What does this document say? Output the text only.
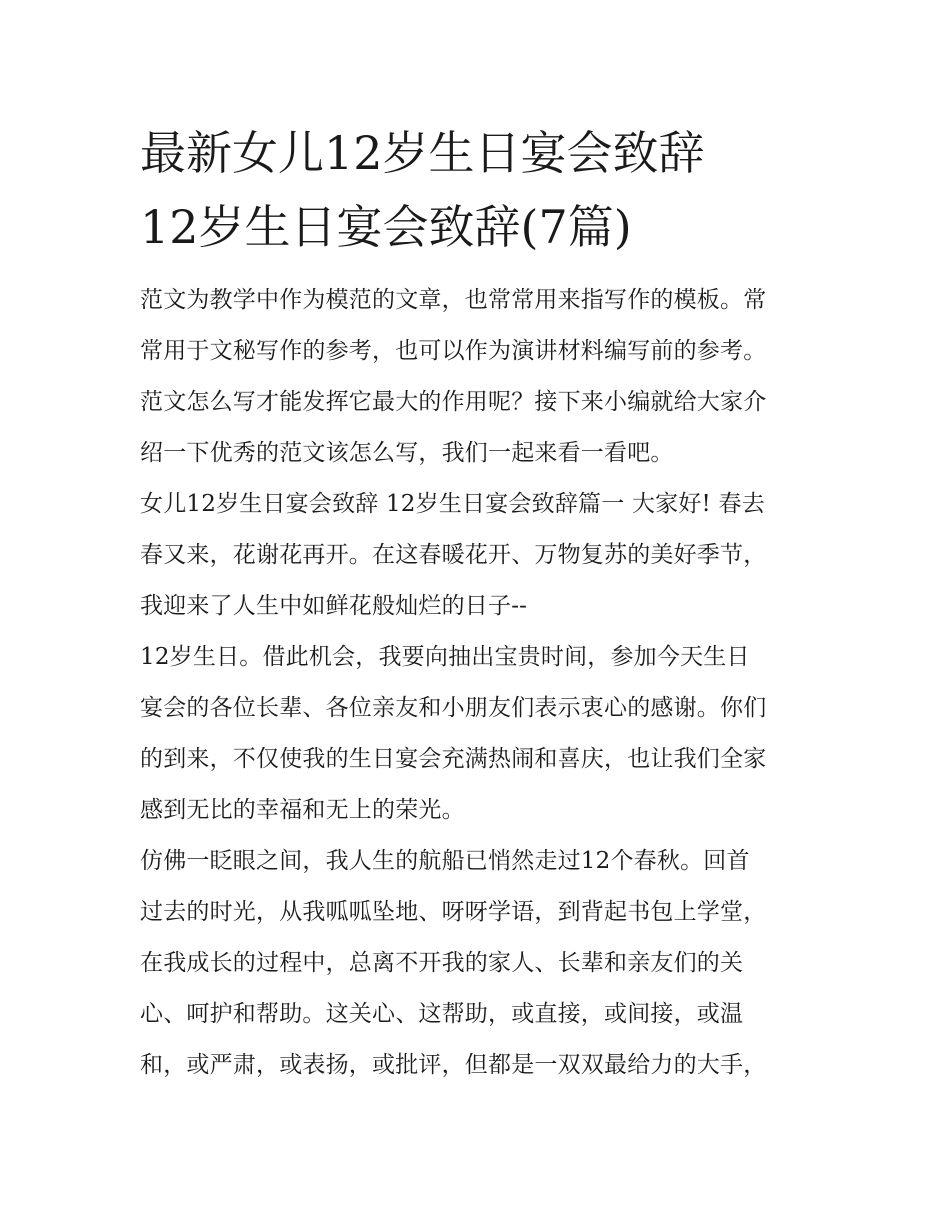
最新女儿12岁生日宴会致辞
12岁生日宴会致辞(7篇)
范文为教学中作为模范的文章，也常常用来指写作的模板。常
常用于文秘写作的参考，也可以作为演讲材料编写前的参考。
范文怎么写才能发挥它最大的作用呢？接下来小编就给大家介
绍一下优秀的范文该怎么写，我们一起来看一看吧。
女儿12岁生日宴会致辞 12岁生日宴会致辞篇一 大家好! 春去
春又来，花谢花再开。在这春暖花开、万物复苏的美好季节，
我迎来了人生中如鲜花般灿烂的日子--
12岁生日。借此机会，我要向抽出宝贵时间，参加今天生日
宴会的各位长辈、各位亲友和小朋友们表示衷心的感谢。你们
的到来，不仅使我的生日宴会充满热闹和喜庆，也让我们全家
感到无比的幸福和无上的荣光。
仿佛一眨眼之间，我人生的航船已悄然走过12个春秋。回首
过去的时光，从我呱呱坠地、呀呀学语，到背起书包上学堂，
在我成长的过程中，总离不开我的家人、长辈和亲友们的关
心、呵护和帮助。这关心、这帮助，或直接，或间接，或温
和，或严肃，或表扬，或批评，但都是一双双最给力的大手，
